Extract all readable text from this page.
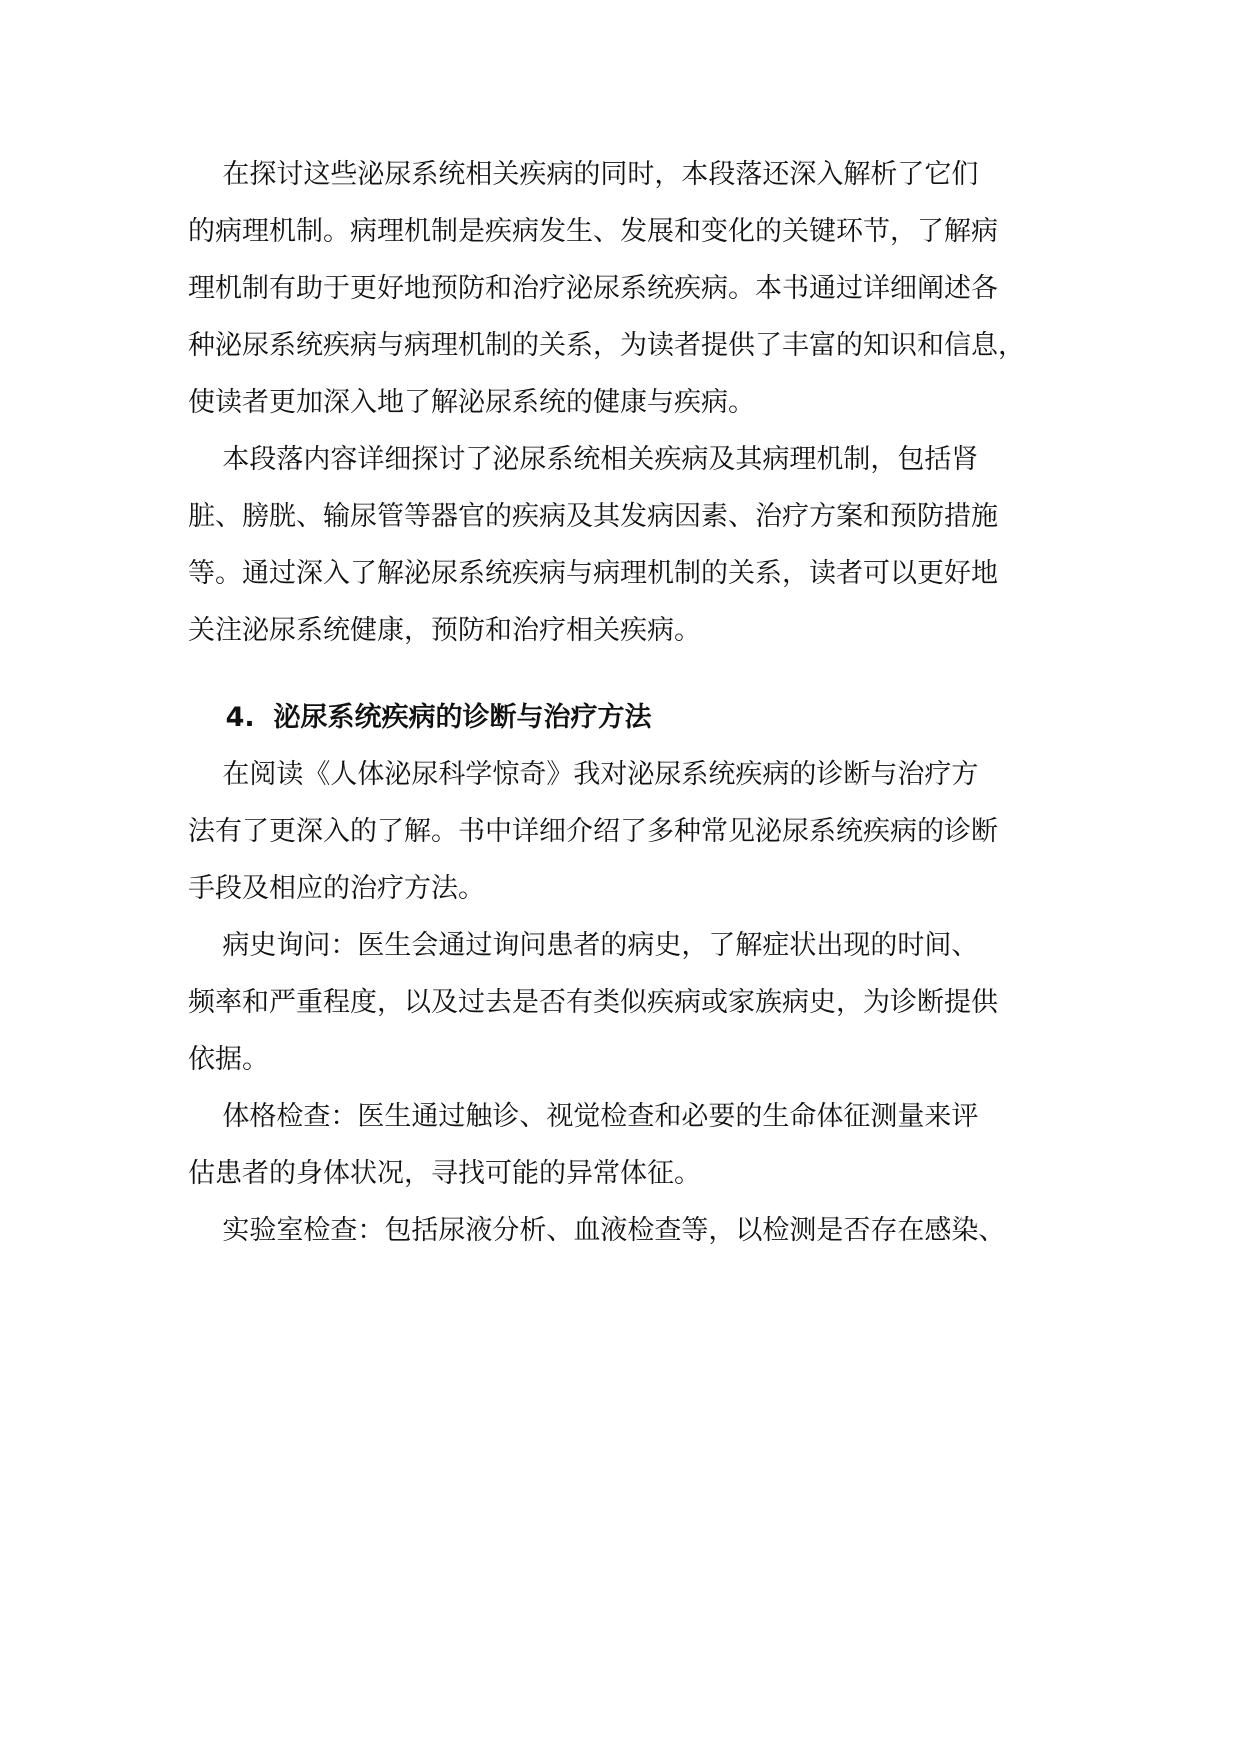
在探讨这些泌尿系统相关疾病的同时，本段落还深入解析了它们
的病理机制。病理机制是疾病发生、发展和变化的关键环节，了解病
理机制有助于更好地预防和治疗泌尿系统疾病。本书通过详细阐述各
种泌尿系统疾病与病理机制的关系，为读者提供了丰富的知识和信息，
使读者更加深入地了解泌尿系统的健康与疾病。
本段落内容详细探讨了泌尿系统相关疾病及其病理机制，包括肾
脏、膀胱、输尿管等器官的疾病及其发病因素、治疗方案和预防措施
等。通过深入了解泌尿系统疾病与病理机制的关系，读者可以更好地
关注泌尿系统健康，预防和治疗相关疾病。
4.  泌尿系统疾病的诊断与治疗方法
在阅读《人体泌尿科学惊奇》我对泌尿系统疾病的诊断与治疗方
法有了更深入的了解。书中详细介绍了多种常见泌尿系统疾病的诊断
手段及相应的治疗方法。
病史询问：医生会通过询问患者的病史，了解症状出现的时间、
频率和严重程度，以及过去是否有类似疾病或家族病史，为诊断提供
依据。
体格检查：医生通过触诊、视觉检查和必要的生命体征测量来评
估患者的身体状况，寻找可能的异常体征。
实验室检查：包括尿液分析、血液检查等，以检测是否存在感染、
